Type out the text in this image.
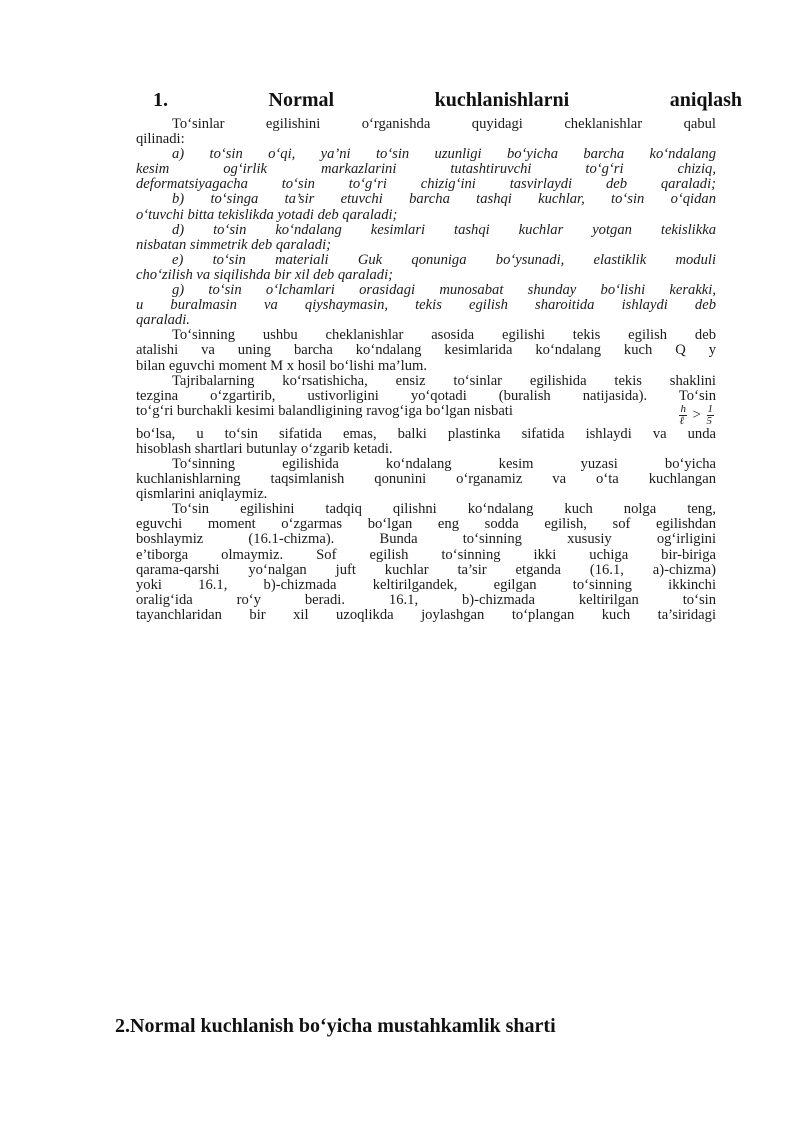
1.	Normal	kuchlanishlarni	aniqlash

To‘sinlar egilishini o‘rganishda quyidagi cheklanishlar qabul

qilinadi:

a) to‘sin o‘qi, ya’ni to‘sin uzunligi bo‘yicha barcha ko‘ndalang

kesim og‘irlik markazlarini tutashtiruvchi to‘g‘ri chiziq,

deformatsiyagacha to‘sin to‘g‘ri chizig‘ini tasvirlaydi deb qaraladi;

b) to‘singa ta’sir etuvchi barcha tashqi kuchlar, to‘sin o‘qidan

o‘tuvchi bitta tekislikda yotadi deb qaraladi;

d) to‘sin ko‘ndalang kesimlari tashqi kuchlar yotgan tekislikka

nisbatan simmetrik deb qaraladi;

e) to‘sin materiali Guk qonuniga bo‘ysunadi, elastiklik moduli

cho‘zilish va siqilishda bir xil deb qaraladi;

g) to‘sin o‘lchamlari orasidagi munosabat shunday bo‘lishi kerakki,

u buralmasin va qiyshaymasin, tekis egilish sharoitida ishlaydi deb

qaraladi.

To‘sinning ushbu cheklanishlar asosida egilishi tekis egilish deb

atalishi va uning barcha ko‘ndalang kesimlarida ko‘ndalang kuch Q y

bilan eguvchi moment M x hosil bo‘lishi ma’lum.

Tajribalarning ko‘rsatishicha, ensiz to‘sinlar egilishida tekis shaklini

tezgina o‘zgartirib, ustivorligini yo‘qotadi (buralish natijasida). To‘sin

to‘g‘ri burchakli kesimi balandligining ravog‘iga bo‘lgan nisbati	$\frac{h}{\text{ℓ}} > \frac{1}{5}$

bo‘lsa, u to‘sin sifatida emas, balki plastinka sifatida ishlaydi va unda

hisoblash shartlari butunlay o‘zgarib ketadi.

To‘sinning egilishida ko‘ndalang kesim yuzasi bo‘yicha

kuchlanishlarning taqsimlanish qonunini o‘rganamiz va o‘ta kuchlangan

qismlarini aniqlaymiz.

To‘sin egilishini tadqiq qilishni ko‘ndalang kuch nolga teng,

eguvchi moment o‘zgarmas bo‘lgan eng sodda egilish, sof egilishdan

boshlaymiz (16.1-chizma). Bunda to‘sinning xususiy og‘irligini

e’tiborga olmaymiz. Sof egilish to‘sinning ikki uchiga bir-biriga

qarama-qarshi yo‘nalgan juft kuchlar ta’sir etganda (16.1, a)-chizma)

yoki 16.1, b)-chizmada keltirilgandek, egilgan to‘sinning ikkinchi

oralig‘ida ro‘y beradi. 16.1, b)-chizmada keltirilgan to‘sin

tayanchlaridan bir xil uzoqlikda joylashgan to‘plangan kuch ta’siridagi

2.Normal kuchlanish bo‘yicha mustahkamlik sharti
